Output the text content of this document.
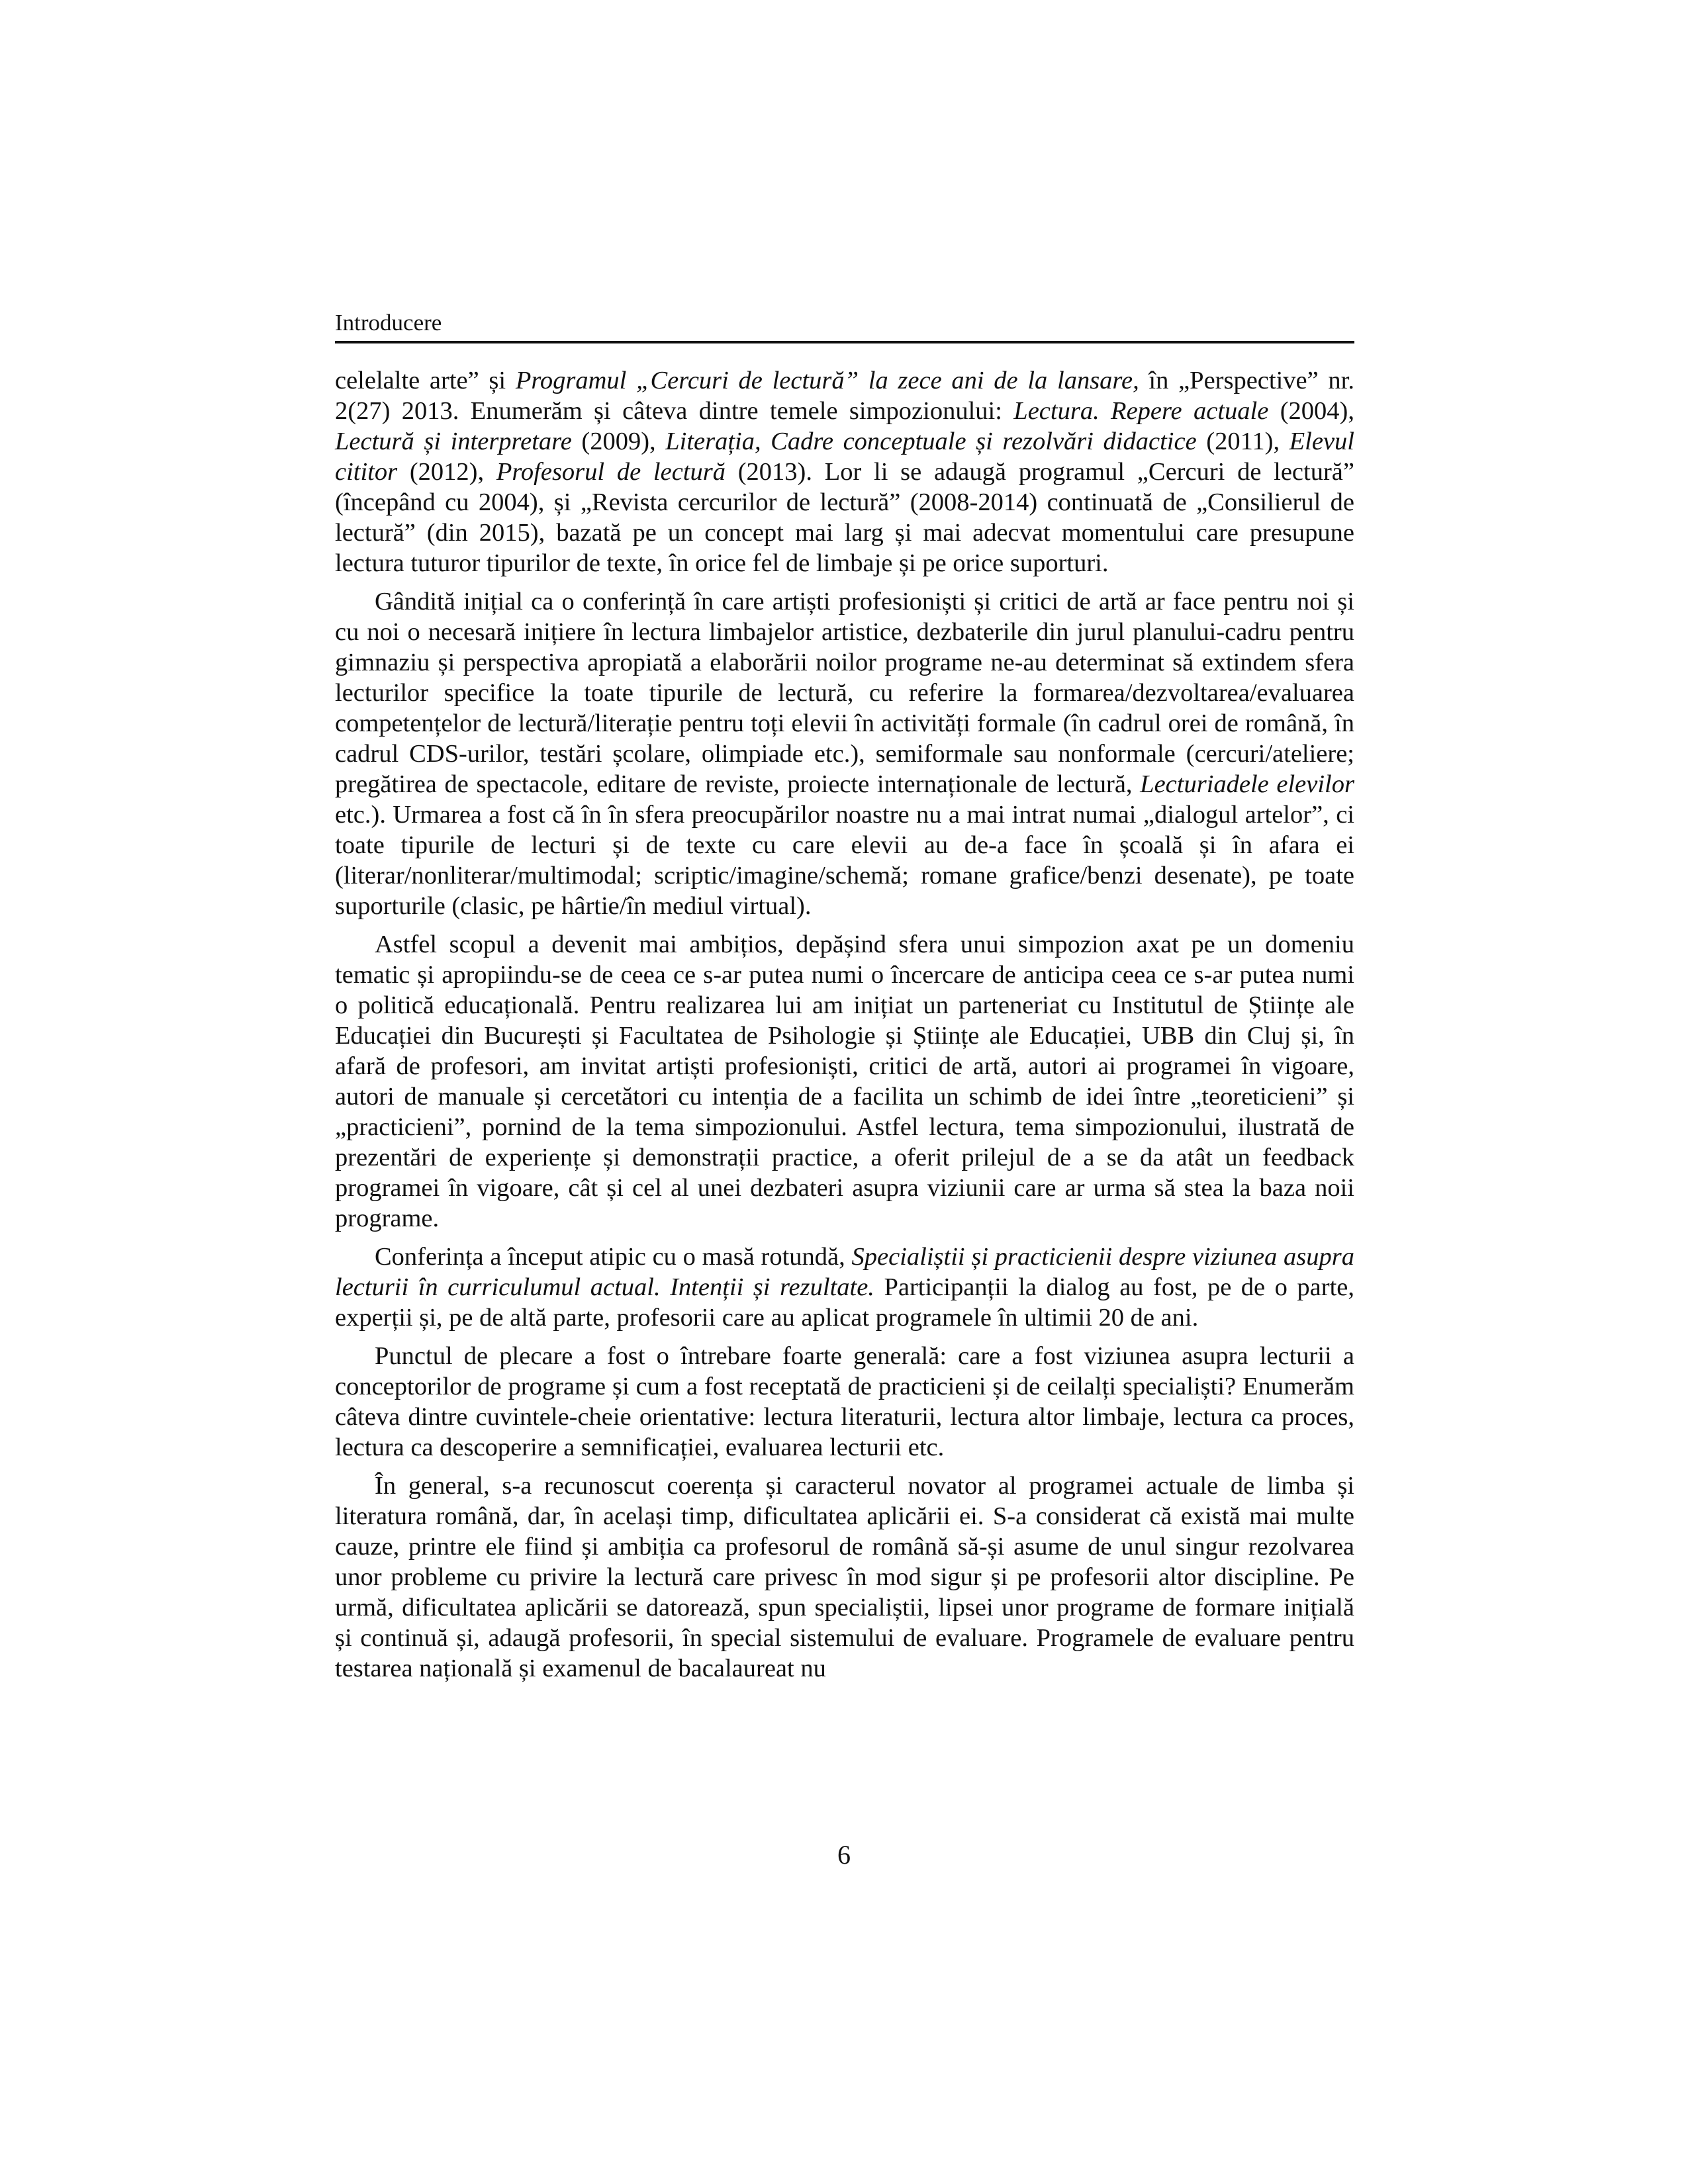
Introducere

celelalte arte” și Programul „Cercuri de lectură” la zece ani de la lansare, în „Perspective” nr. 2(27) 2013. Enumerăm și câteva dintre temele simpozionului: Lectura. Repere actuale (2004), Lectură și interpretare (2009), Literația, Cadre conceptuale și rezolvări didactice (2011), Elevul cititor (2012), Profesorul de lectură (2013). Lor li se adaugă programul „Cercuri de lectură” (începând cu 2004), și „Revista cercurilor de lectură” (2008-2014) continuată de „Consilierul de lectură” (din 2015), bazată pe un concept mai larg și mai adecvat momentului care presupune lectura tuturor tipurilor de texte, în orice fel de limbaje și pe orice suporturi.

Gândită inițial ca o conferință în care artiști profesioniști și critici de artă ar face pentru noi și cu noi o necesară inițiere în lectura limbajelor artistice, dezbaterile din jurul planului-cadru pentru gimnaziu și perspectiva apropiată a elaborării noilor programe ne-au determinat să extindem sfera lecturilor specifice la toate tipurile de lectură, cu referire la formarea/dezvoltarea/evaluarea competențelor de lectură/literație pentru toți elevii în activități formale (în cadrul orei de română, în cadrul CDS-urilor, testări școlare, olimpiade etc.), semiformale sau nonformale (cercuri/ateliere; pregătirea de spectacole, editare de reviste, proiecte internaționale de lectură, Lecturiadele elevilor etc.). Urmarea a fost că în în sfera preocupărilor noastre nu a mai intrat numai „dialogul artelor”, ci toate tipurile de lecturi și de texte cu care elevii au de-a face în școală și în afara ei (literar/nonliterar/multimodal; scriptic/imagine/schemă; romane grafice/benzi desenate), pe toate suporturile (clasic, pe hârtie/în mediul virtual).

Astfel scopul a devenit mai ambițios, depășind sfera unui simpozion axat pe un domeniu tematic și apropiindu-se de ceea ce s-ar putea numi o încercare de anticipa ceea ce s-ar putea numi o politică educațională. Pentru realizarea lui am inițiat un parteneriat cu Institutul de Științe ale Educației din București și Facultatea de Psihologie și Științe ale Educației, UBB din Cluj și, în afară de profesori, am invitat artiști profesioniști, critici de artă, autori ai programei în vigoare, autori de manuale și cercetători cu intenția de a facilita un schimb de idei între „teoreticieni” și „practicieni”, pornind de la tema simpozionului. Astfel lectura, tema simpozionului, ilustrată de prezentări de experiențe și demonstrații practice, a oferit prilejul de a se da atât un feedback programei în vigoare, cât și cel al unei dezbateri asupra viziunii care ar urma să stea la baza noii programe.

Conferința a început atipic cu o masă rotundă, Specialiștii și practicienii despre viziunea asupra lecturii în curriculumul actual. Intenții și rezultate. Participanții la dialog au fost, pe de o parte, experții și, pe de altă parte, profesorii care au aplicat programele în ultimii 20 de ani.

Punctul de plecare a fost o întrebare foarte generală: care a fost viziunea asupra lecturii a conceptorilor de programe și cum a fost receptată de practicieni și de ceilalți specialiști? Enumerăm câteva dintre cuvintele-cheie orientative: lectura literaturii, lectura altor limbaje, lectura ca proces, lectura ca descoperire a semnificației, evaluarea lecturii etc.

În general, s-a recunoscut coerența și caracterul novator al programei actuale de limba și literatura română, dar, în același timp, dificultatea aplicării ei. S-a considerat că există mai multe cauze, printre ele fiind și ambiția ca profesorul de română să-și asume de unul singur rezolvarea unor probleme cu privire la lectură care privesc în mod sigur și pe profesorii altor discipline. Pe urmă, dificultatea aplicării se datorează, spun specialiștii, lipsei unor programe de formare inițială și continuă și, adaugă profesorii, în special sistemului de evaluare. Programele de evaluare pentru testarea națională și examenul de bacalaureat nu

6
